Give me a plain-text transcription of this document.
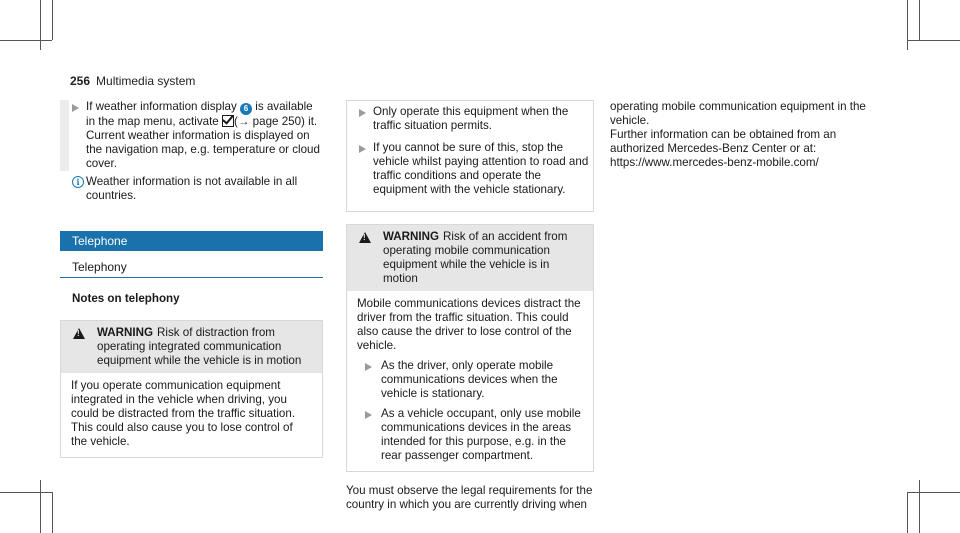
256 Multimedia system

If weather information display 6 is available in the map menu, activate (→ page 250) it.

Current weather information is displayed on the navigation map, e.g. temperature or cloud cover.

i Weather information is not available in all countries.
Telephone
Telephony
Notes on telephony
!
WARNING Risk of distraction from operating integrated communication equipment while the vehicle is in motion

If you operate communication equipment integrated in the vehicle when driving, you could be distracted from the traffic situation. This could also cause you to lose control of the vehicle.

Only operate this equipment when the traffic situation permits.

If you cannot be sure of this, stop the vehicle whilst paying attention to road and traffic conditions and operate the equipment with the vehicle stationary.

!
WARNING Risk of an accident from operating mobile communication equipment while the vehicle is in motion

Mobile communications devices distract the driver from the traffic situation. This could also cause the driver to lose control of the vehicle.

As the driver, only operate mobile communications devices when the vehicle is stationary.

As a vehicle occupant, only use mobile communications devices in the areas intended for this purpose, e.g. in the rear passenger compartment.

You must observe the legal requirements for the country in which you are currently driving when

operating mobile communication equipment in the vehicle.

Further information can be obtained from an authorized Mercedes-Benz Center or at:

https://www.mercedes-benz-mobile.com/
